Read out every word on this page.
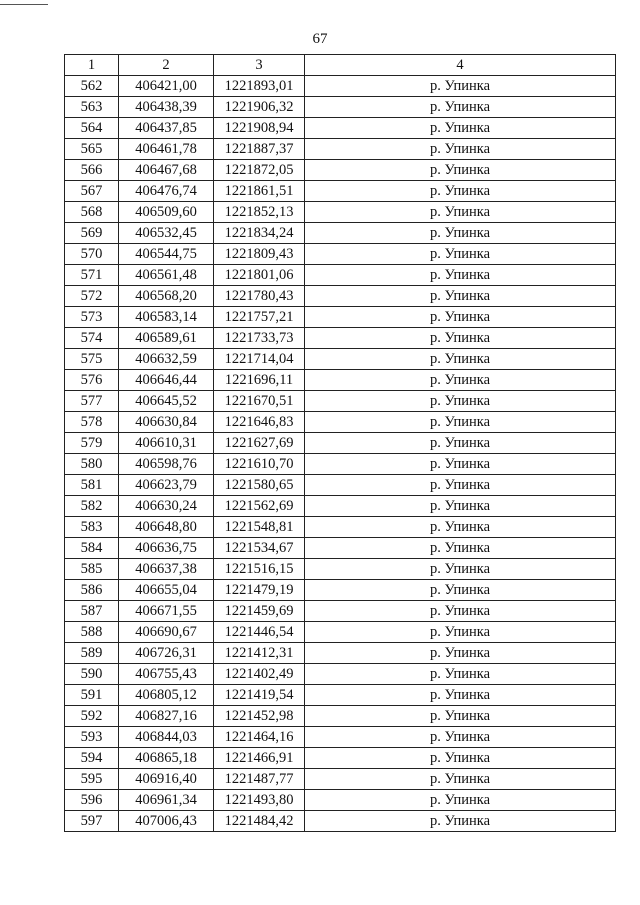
67
1	2	3	4
562	406421,00	1221893,01	р. Упинка
563	406438,39	1221906,32	р. Упинка
564	406437,85	1221908,94	р. Упинка
565	406461,78	1221887,37	р. Упинка
566	406467,68	1221872,05	р. Упинка
567	406476,74	1221861,51	р. Упинка
568	406509,60	1221852,13	р. Упинка
569	406532,45	1221834,24	р. Упинка
570	406544,75	1221809,43	р. Упинка
571	406561,48	1221801,06	р. Упинка
572	406568,20	1221780,43	р. Упинка
573	406583,14	1221757,21	р. Упинка
574	406589,61	1221733,73	р. Упинка
575	406632,59	1221714,04	р. Упинка
576	406646,44	1221696,11	р. Упинка
577	406645,52	1221670,51	р. Упинка
578	406630,84	1221646,83	р. Упинка
579	406610,31	1221627,69	р. Упинка
580	406598,76	1221610,70	р. Упинка
581	406623,79	1221580,65	р. Упинка
582	406630,24	1221562,69	р. Упинка
583	406648,80	1221548,81	р. Упинка
584	406636,75	1221534,67	р. Упинка
585	406637,38	1221516,15	р. Упинка
586	406655,04	1221479,19	р. Упинка
587	406671,55	1221459,69	р. Упинка
588	406690,67	1221446,54	р. Упинка
589	406726,31	1221412,31	р. Упинка
590	406755,43	1221402,49	р. Упинка
591	406805,12	1221419,54	р. Упинка
592	406827,16	1221452,98	р. Упинка
593	406844,03	1221464,16	р. Упинка
594	406865,18	1221466,91	р. Упинка
595	406916,40	1221487,77	р. Упинка
596	406961,34	1221493,80	р. Упинка
597	407006,43	1221484,42	р. Упинка
